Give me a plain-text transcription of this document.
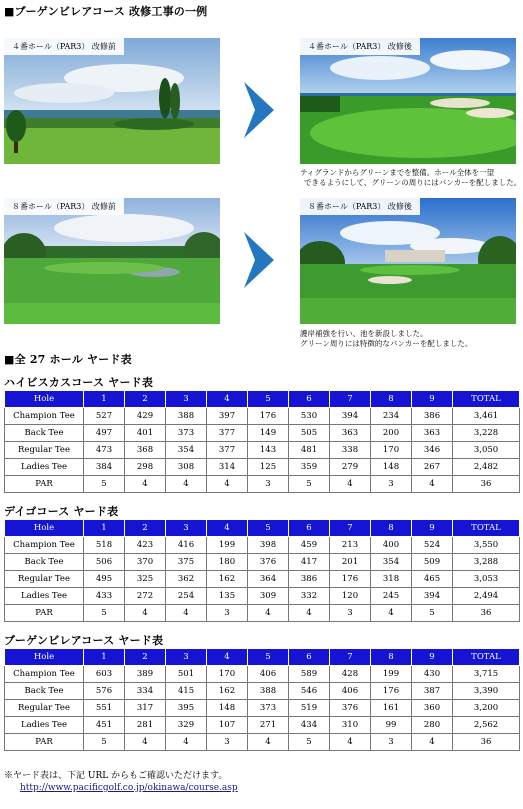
■ブーゲンビレアコース 改修工事の一例
４番ホール（PAR3） 改修前	４番ホール（PAR3） 改修後
ティグランドからグリーンまでを整備。ホール全体を一望
できるようにして、グリーンの周りにはバンカーを配しました。
８番ホール（PAR3） 改修前	８番ホール（PAR3） 改修後
護岸補強を行い、池を新設しました。
グリーン周りには特徴的なバンカーを配しました。
■全 27 ホール ヤード表
ハイビスカスコース ヤード表
Hole	1	2	3	4	5	6	7	8	9	TOTAL
Champion Tee	527	429	388	397	176	530	394	234	386	3,461
Back Tee	497	401	373	377	149	505	363	200	363	3,228
Regular Tee	473	368	354	377	143	481	338	170	346	3,050
Ladies Tee	384	298	308	314	125	359	279	148	267	2,482
PAR	5	4	4	4	3	5	4	3	4	36
デイゴコース ヤード表
Hole	1	2	3	4	5	6	7	8	9	TOTAL
Champion Tee	518	423	416	199	398	459	213	400	524	3,550
Back Tee	506	370	375	180	376	417	201	354	509	3,288
Regular Tee	495	325	362	162	364	386	176	318	465	3,053
Ladies Tee	433	272	254	135	309	332	120	245	394	2,494
PAR	5	4	4	3	4	4	3	4	5	36
ブーゲンビレアコース ヤード表
Hole	1	2	3	4	5	6	7	8	9	TOTAL
Champion Tee	603	389	501	170	406	589	428	199	430	3,715
Back Tee	576	334	415	162	388	546	406	176	387	3,390
Regular Tee	551	317	395	148	373	519	376	161	360	3,200
Ladies Tee	451	281	329	107	271	434	310	99	280	2,562
PAR	5	4	4	3	4	5	4	3	4	36
※ヤード表は、下記 URL からもご確認いただけます。
http://www.pacificgolf.co.jp/okinawa/course.asp
